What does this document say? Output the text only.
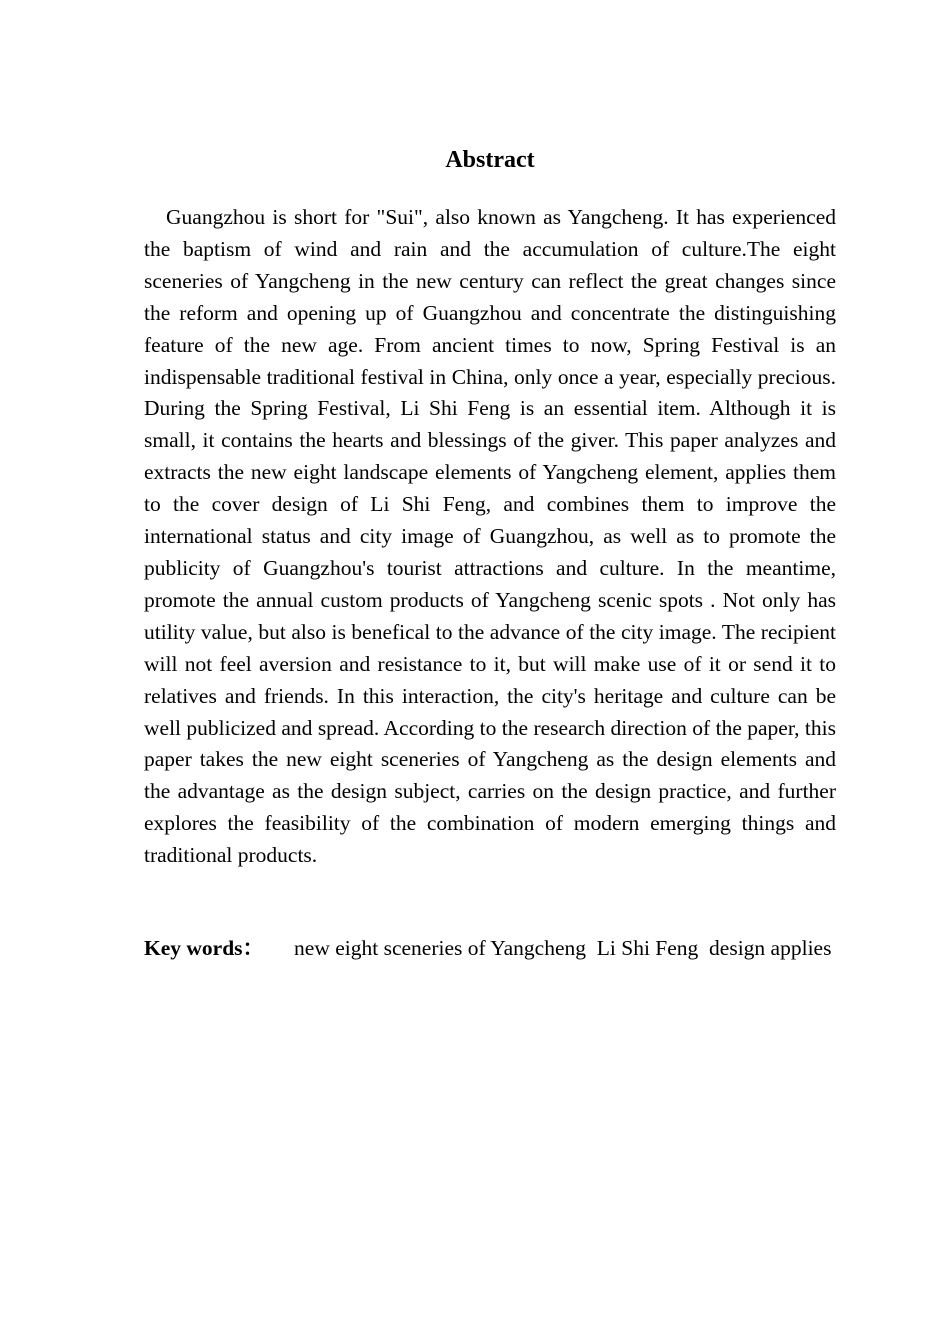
Abstract

Guangzhou is short for "Sui", also known as Yangcheng. It has experienced the baptism of wind and rain and the accumulation of culture.The eight sceneries of Yangcheng in the new century can reflect the great changes since the reform and opening up of Guangzhou and concentrate the distinguishing feature of the new age. From ancient times to now, Spring Festival is an indispensable traditional festival in China, only once a year, especially precious. During the Spring Festival, Li Shi Feng is an essential item. Although it is small, it contains the hearts and blessings of the giver. This paper analyzes and extracts the new eight landscape elements of Yangcheng element, applies them to the cover design of Li Shi Feng, and combines them to improve the international status and city image of Guangzhou, as well as to promote the publicity of Guangzhou's tourist attractions and culture. In the meantime, promote the annual custom products of Yangcheng scenic spots . Not only has utility value, but also is benefical to the advance of the city image. The recipient will not feel aversion and resistance to it, but will make use of it or send it to relatives and friends. In this interaction, the city's heritage and culture can be well publicized and spread. According to the research direction of the paper, this paper takes the new eight sceneries of Yangcheng as the design elements and the advantage as the design subject, carries on the design practice, and further explores the feasibility of the combination of modern emerging things and traditional products.

Key words： new eight sceneries of Yangcheng  Li Shi Feng  design applies
